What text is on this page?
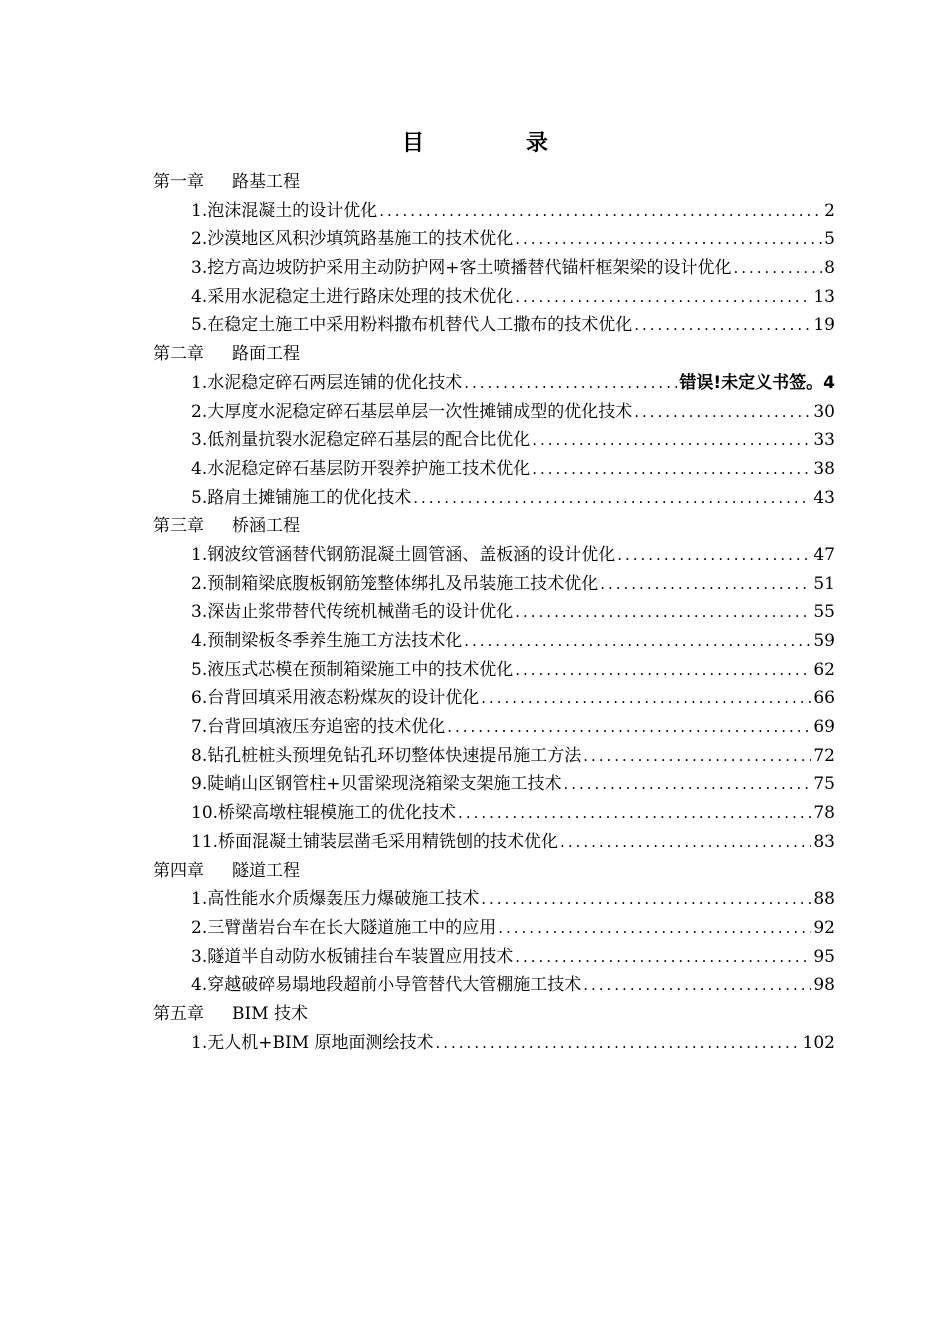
目　录
第一章 路基工程
1.泡沫混凝土的设计优化 .....	2
2.沙漠地区风积沙填筑路基施工的技术优化 .....	5
3.挖方高边坡防护采用主动防护网+客土喷播替代锚杆框架梁的设计优化 .....	8
4.采用水泥稳定土进行路床处理的技术优化 .....	13
5.在稳定土施工中采用粉料撒布机替代人工撒布的技术优化 .....	19
第二章 路面工程
1.水泥稳定碎石两层连铺的优化技术 .....	错误!未定义书签。4
2.大厚度水泥稳定碎石基层单层一次性摊铺成型的优化技术 .....	30
3.低剂量抗裂水泥稳定碎石基层的配合比优化 .....	33
4.水泥稳定碎石基层防开裂养护施工技术优化 .....	38
5.路肩土摊铺施工的优化技术 .....	43
第三章 桥涵工程
1.钢波纹管涵替代钢筋混凝土圆管涵、盖板涵的设计优化 .....	47
2.预制箱梁底腹板钢筋笼整体绑扎及吊装施工技术优化 .....	51
3.深齿止浆带替代传统机械凿毛的设计优化 .....	55
4.预制梁板冬季养生施工方法技术化 .....	59
5.液压式芯模在预制箱梁施工中的技术优化 .....	62
6.台背回填采用液态粉煤灰的设计优化 .....	66
7.台背回填液压夯追密的技术优化 .....	69
8.钻孔桩桩头预埋免钻孔环切整体快速提吊施工方法 .....	72
9.陡峭山区钢管柱+贝雷梁现浇箱梁支架施工技术 .....	75
10.桥梁高墩柱辊模施工的优化技术 .....	78
11.桥面混凝土铺装层凿毛采用精铣刨的技术优化 .....	83
第四章 隧道工程
1.高性能水介质爆轰压力爆破施工技术 .....	88
2.三臂凿岩台车在长大隧道施工中的应用 .....	92
3.隧道半自动防水板铺挂台车装置应用技术 .....	95
4.穿越破碎易塌地段超前小导管替代大管棚施工技术 .....	98
第五章 BIM 技术
1.无人机+BIM 原地面测绘技术 .....	102
